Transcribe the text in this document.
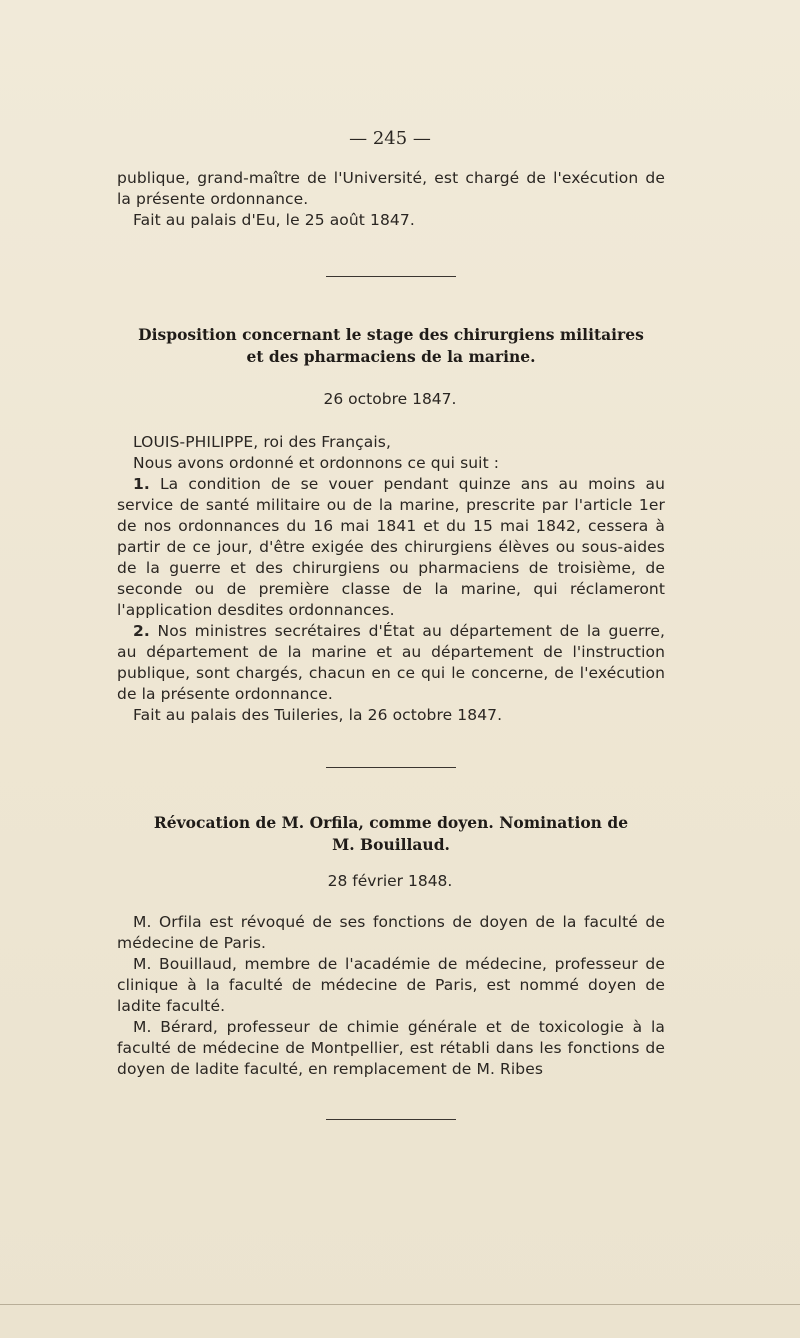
— 245 —

publique, grand-maître de l'Université, est chargé de l'exécution de la présente ordonnance.

Fait au palais d'Eu, le 25 août 1847.

Disposition concernant le stage des chirurgiens militaires
et des pharmaciens de la marine.
26 octobre 1847.

LOUIS-PHILIPPE, roi des Français,

Nous avons ordonné et ordonnons ce qui suit :

1. La condition de se vouer pendant quinze ans au moins au service de santé militaire ou de la marine, prescrite par l'article 1er de nos ordonnances du 16 mai 1841 et du 15 mai 1842, cessera à partir de ce jour, d'être exigée des chirurgiens élèves ou sous-aides de la guerre et des chirurgiens ou pharmaciens de troisième, de seconde ou de première classe de la marine, qui réclameront l'application desdites ordonnances.

2. Nos ministres secrétaires d'État au département de la guerre, au département de la marine et au département de l'instruction publique, sont chargés, chacun en ce qui le concerne, de l'exécution de la présente ordonnance.

Fait au palais des Tuileries, la 26 octobre 1847.

Révocation de M. Orfila, comme doyen. Nomination de
M. Bouillaud.
28 février 1848.

M. Orfila est révoqué de ses fonctions de doyen de la faculté de médecine de Paris.

M. Bouillaud, membre de l'académie de médecine, professeur de clinique à la faculté de médecine de Paris, est nommé doyen de ladite faculté.

M. Bérard, professeur de chimie générale et de toxicologie à la faculté de médecine de Montpellier, est rétabli dans les fonctions de doyen de ladite faculté, en remplacement de M. Ribes
